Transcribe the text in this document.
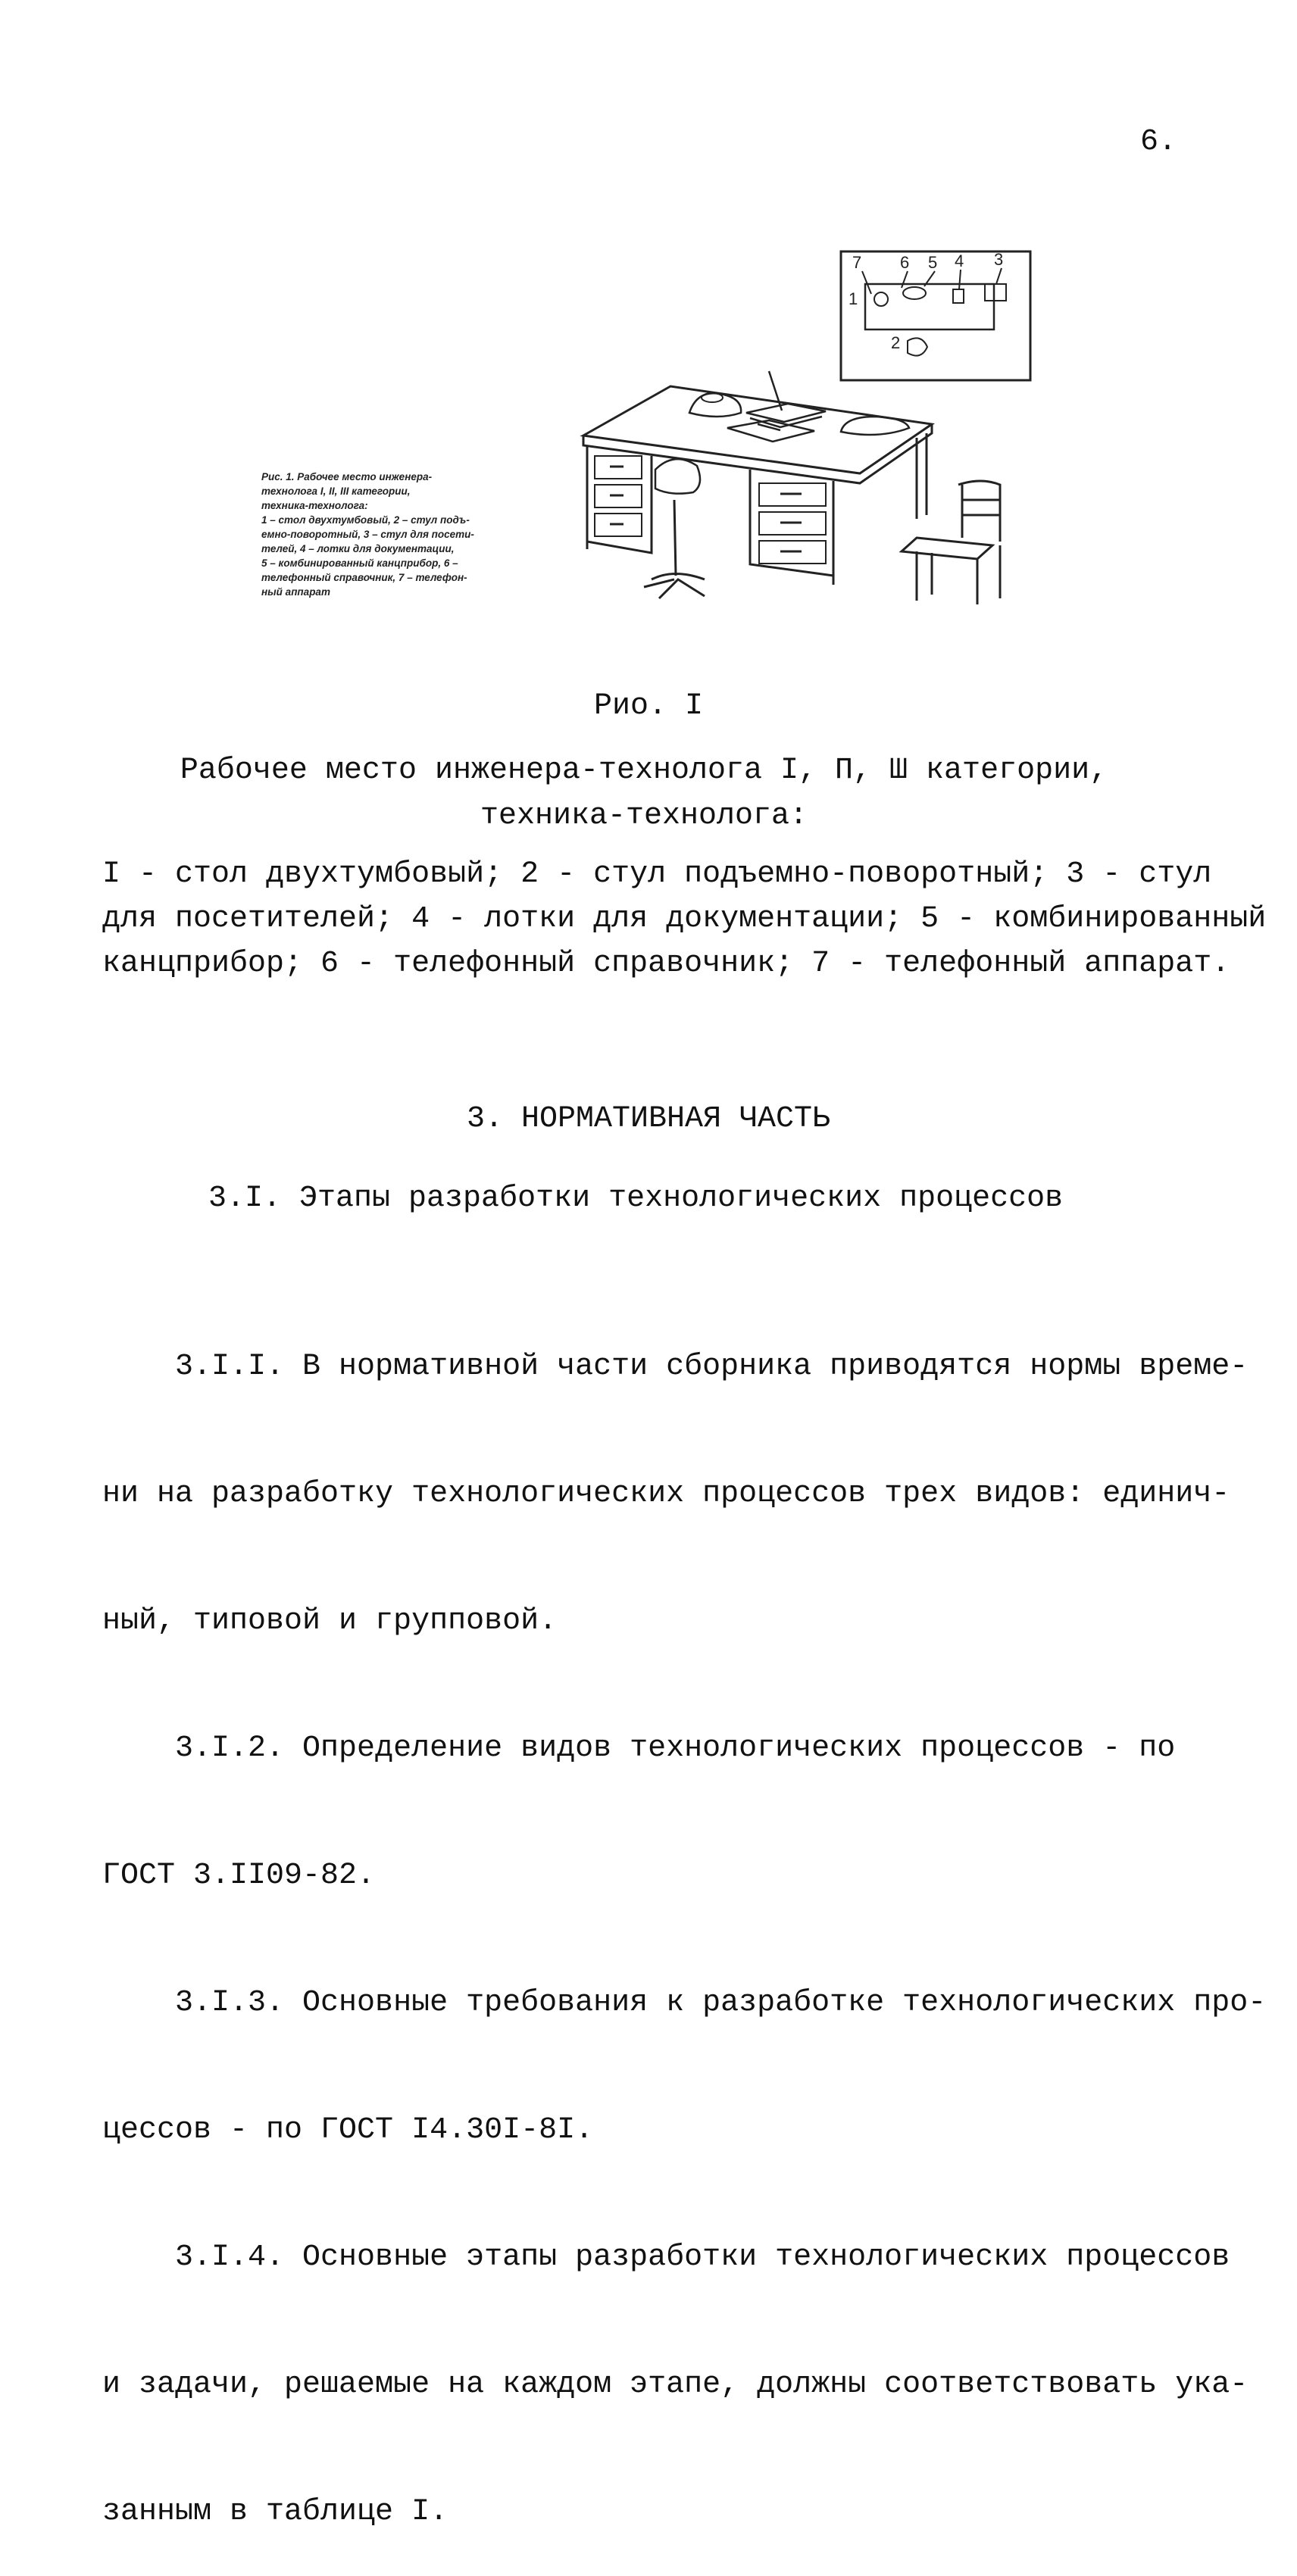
6.
7 6 5 4 3
1
2
Рис. 1. Рабочее место инженера-
технолога I, II, III категории,
техника-технолога:
1 – стол двухтумбовый, 2 – стул подъ-
емно-поворотный, 3 – стул для посети-
телей, 4 – лотки для документации,
5 – комбинированный канцприбор, 6 –
телефонный справочник, 7 – телефон-
ный аппарат
Рио. I
Рабочее место инженера-технолога I, П, Ш категории,
техника-технолога:
I - стол двухтумбовый; 2 - стул подъемно-поворотный; 3 - стул
для посетителей; 4 - лотки для документации; 5 - комбинированный
канцприбор; 6 - телефонный справочник; 7 - телефонный аппарат.
3. НОРМАТИВНАЯ ЧАСТЬ
3.I. Этапы разработки технологических процессов

3.I.I. В нормативной части сборника приводятся нормы време-

ни на разработку технологических процессов трех видов: единич-

ный, типовой и групповой.

3.I.2. Определение видов технологических процессов - по

ГОСТ 3.II09-82.

3.I.3. Основные требования к разработке технологических про-

цессов - по ГОСТ I4.30I-8I.

3.I.4. Основные этапы разработки технологических процессов

и задачи, решаемые на каждом этапе, должны соответствовать ука-

занным в таблице I.
